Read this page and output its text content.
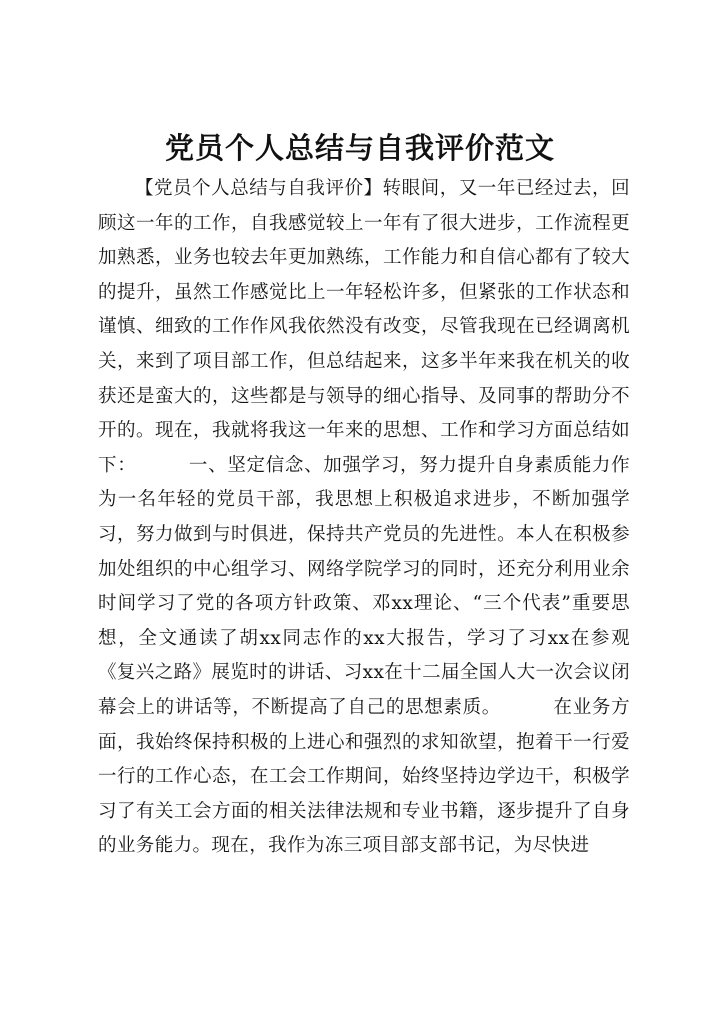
党员个人总结与自我评价范文
【党员个人总结与自我评价】转眼间，又一年已经过去，回顾这一年的工作，自我感觉较上一年有了很大进步，工作流程更加熟悉，业务也较去年更加熟练，工作能力和自信心都有了较大的提升，虽然工作感觉比上一年轻松许多，但紧张的工作状态和谨慎、细致的工作作风我依然没有改变，尽管我现在已经调离机关，来到了项目部工作，但总结起来，这多半年来我在机关的收获还是蛮大的，这些都是与领导的细心指导、及同事的帮助分不开的。现在，我就将我这一年来的思想、工作和学习方面总结如下：        一、坚定信念、加强学习，努力提升自身素质能力作为一名年轻的党员干部，我思想上积极追求进步，不断加强学习，努力做到与时俱进，保持共产党员的先进性。本人在积极参加处组织的中心组学习、网络学院学习的同时，还充分利用业余时间学习了党的各项方针政策、邓xx理论、“三个代表”重要思想，全文通读了胡xx同志作的xx大报告，学习了习xx在参观《复兴之路》展览时的讲话、习xx在十二届全国人大一次会议闭幕会上的讲话等，不断提高了自己的思想素质。        在业务方面，我始终保持积极的上进心和强烈的求知欲望，抱着干一行爱一行的工作心态，在工会工作期间，始终坚持边学边干，积极学习了有关工会方面的相关法律法规和专业书籍，逐步提升了自身的业务能力。现在，我作为冻三项目部支部书记，为尽快进
